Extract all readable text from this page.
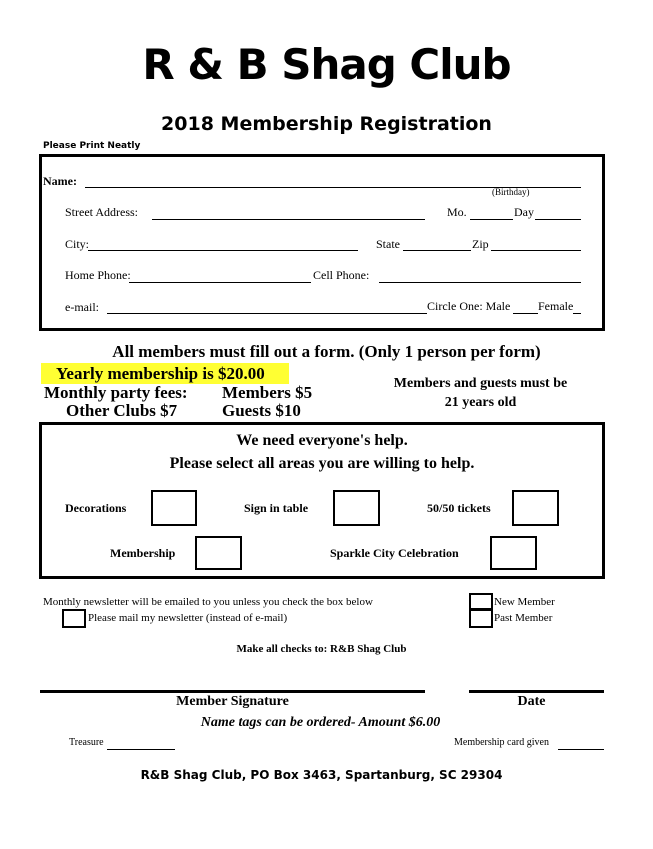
R & B Shag Club
2018 Membership Registration
Please Print Neatly
Name:
(Birthday)
Street Address:	Mo.	Day
City:	State	Zip
Home Phone:	Cell Phone:
e-mail:	Circle One: Male Female
All members must fill out a form. (Only 1 person per form)
Yearly membership is $20.00
Monthly party fees: Members $5
Other Clubs $7	Guests $10
Members and guests must be
21 years old
We need everyone's help.
Please select all areas you are willing to help.
Decorations	Sign in table	50/50 tickets
Membership	Sparkle City Celebration
Monthly newsletter will be emailed to you unless you check the box below
Please mail my newsletter (instead of e-mail)
New Member
Past Member
Make all checks to: R&B Shag Club
Member Signature	Date
Name tags can be ordered- Amount $6.00
Treasure	Membership card given
R&B Shag Club, PO Box 3463, Spartanburg, SC 29304
